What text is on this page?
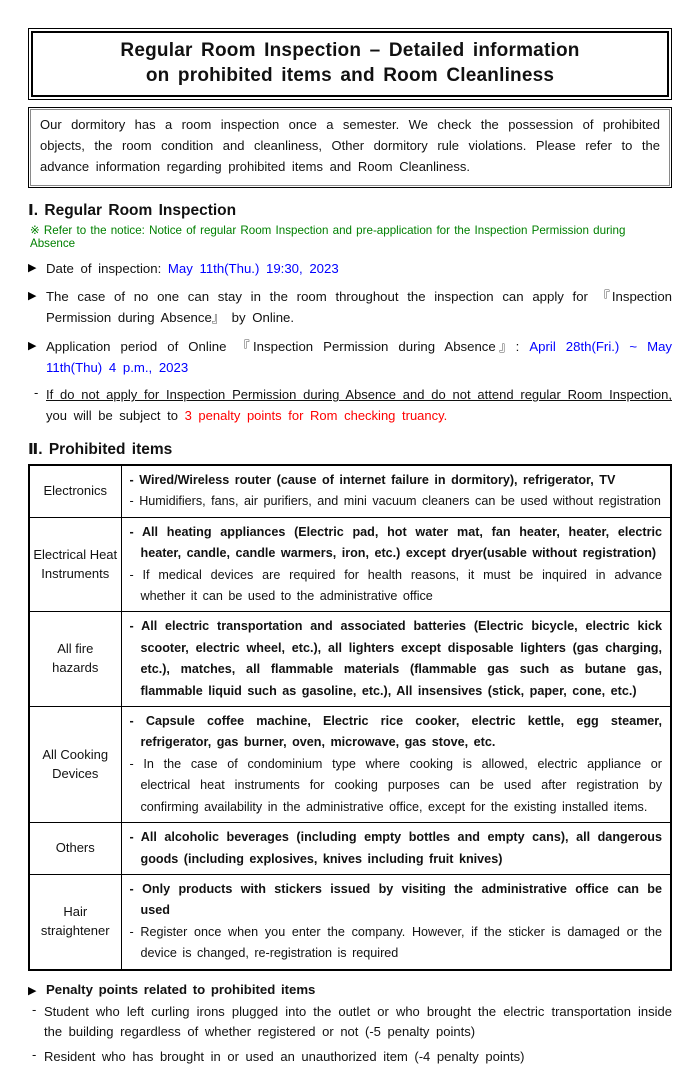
Regular Room Inspection – Detailed information
on prohibited items and Room Cleanliness
Our dormitory has a room inspection once a semester. We check the possession of prohibited objects, the room condition and cleanliness, Other dormitory rule violations. Please refer to the advance information regarding prohibited items and Room Cleanliness.
Ⅰ. Regular Room Inspection
※ Refer to the notice: Notice of regular Room Inspection and pre-application for the Inspection Permission during Absence
▶ Date of inspection: May 11th(Thu.) 19:30, 2023
▶ The case of no one can stay in the room throughout the inspection can apply for 『Inspection Permission during Absence』 by Online.
▶ Application period of Online 『Inspection Permission during Absence』: April 28th(Fri.) ~ May 11th(Thu) 4 p.m., 2023
- If do not apply for Inspection Permission during Absence and do not attend regular Room Inspection, you will be subject to 3 penalty points for Rom checking truancy.
Ⅱ. Prohibited items
Electronics	- Wired/Wireless router (cause of internet failure in dormitory), refrigerator, TV
- Humidifiers, fans, air purifiers, and mini vacuum cleaners can be used without registration

Electrical Heat Instruments	- All heating appliances (Electric pad, hot water mat, fan heater, heater, electric heater, candle, candle warmers, iron, etc.) except dryer(usable without registration)
- If medical devices are required for health reasons, it must be inquired in advance whether it can be used to the administrative office

All fire hazards	- All electric transportation and associated batteries (Electric bicycle, electric kick scooter, electric wheel, etc.), all lighters except disposable lighters (gas charging, etc.), matches, all flammable materials (flammable gas such as butane gas, flammable liquid such as gasoline, etc.), All insensives (stick, paper, cone, etc.)

All Cooking Devices	- Capsule coffee machine, Electric rice cooker, electric kettle, egg steamer, refrigerator, gas burner, oven, microwave, gas stove, etc.
- In the case of condominium type where cooking is allowed, electric appliance or electrical heat instruments for cooking purposes can be used after registration by confirming availability in the administrative office, except for the existing installed items.

Others	- All alcoholic beverages (including empty bottles and empty cans), all dangerous goods (including explosives, knives including fruit knives)

Hair straightener	- Only products with stickers issued by visiting the administrative office can be used
- Register once when you enter the company. However, if the sticker is damaged or the device is changed, re-registration is required
▶ Penalty points related to prohibited items
- Student who left curling irons plugged into the outlet or who brought the electric transportation inside the building regardless of whether registered or not (-5 penalty points)
- Resident who has brought in or used an unauthorized item (-4 penalty points)
